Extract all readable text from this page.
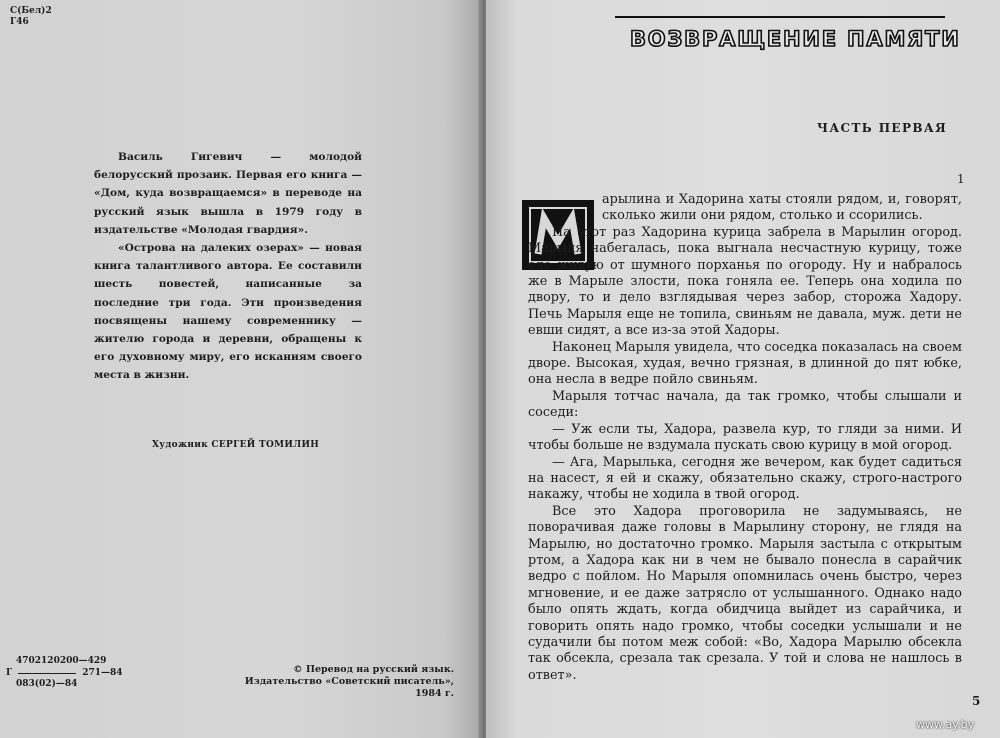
С(Бел)2
Г46

Василь Гигевич — молодой белорусский прозаик. Первая его книга — «Дом, куда возвращаемся» в переводе на русский язык вышла в 1979 году в издательстве «Молодая гвардия».

«Острова на далеких озерах» — новая книга талантливого автора. Ее составили шесть повестей, написанные за последние три года. Эти произведения посвящены нашему современнику — жителю города и деревни, обращены к его духовному миру, его исканиям своего места в жизни.

Художник СЕРГЕЙ ТОМИЛИН
4702120200—429
Г	271—84
083(02)—84
© Перевод на русский язык.
Издательство «Советский писатель», 1984 г.
ВОЗВРАЩЕНИЕ ПАМЯТИ
ЧАСТЬ ПЕРВАЯ
1

арылина и Хадорина хаты стояли рядом, и, говорят, сколько жили они рядом, столько и ссорились.

На этот раз Хадорина курица забрела в Марылин огород. Марыля набегалась, пока выгнала несчастную курицу, тоже еле живую от шумного порханья по огороду. Ну и набралось же в Марыле злости, пока гоняла ее. Теперь она ходила по двору, то и дело взглядывая через забор, сторожа Хадору. Печь Марыля еще не топила, свиньям не давала, муж. дети не евши сидят, а все из-за этой Хадоры.

Наконец Марыля увидела, что соседка показалась на своем дворе. Высокая, худая, вечно грязная, в длинной до пят юбке, она несла в ведре пойло свиньям.

Марыля тотчас начала, да так громко, чтобы слышали и соседи:

— Уж если ты, Хадора, развела кур, то гляди за ними. И чтобы больше не вздумала пускать свою курицу в мой огород.

— Ага, Марылька, сегодня же вечером, как будет садиться на насест, я ей и скажу, обязательно скажу, строго-настрого накажу, чтобы не ходила в твой огород.

Все это Хадора проговорила не задумываясь, не поворачивая даже головы в Марылину сторону, не глядя на Марылю, но достаточно громко. Марыля застыла с открытым ртом, а Хадора как ни в чем не бывало понесла в сарайчик ведро с пойлом. Но Марыля опомнилась очень быстро, через мгновение, и ее даже затрясло от услышанного. Однако надо было опять ждать, когда обидчица выйдет из сарайчика, и говорить опять надо громко, чтобы соседки услышали и не судачили бы потом меж собой: «Во, Хадора Марылю обсекла так обсекла, срезала так срезала. У той и слова не нашлось в ответ».

5
www.ay.by
